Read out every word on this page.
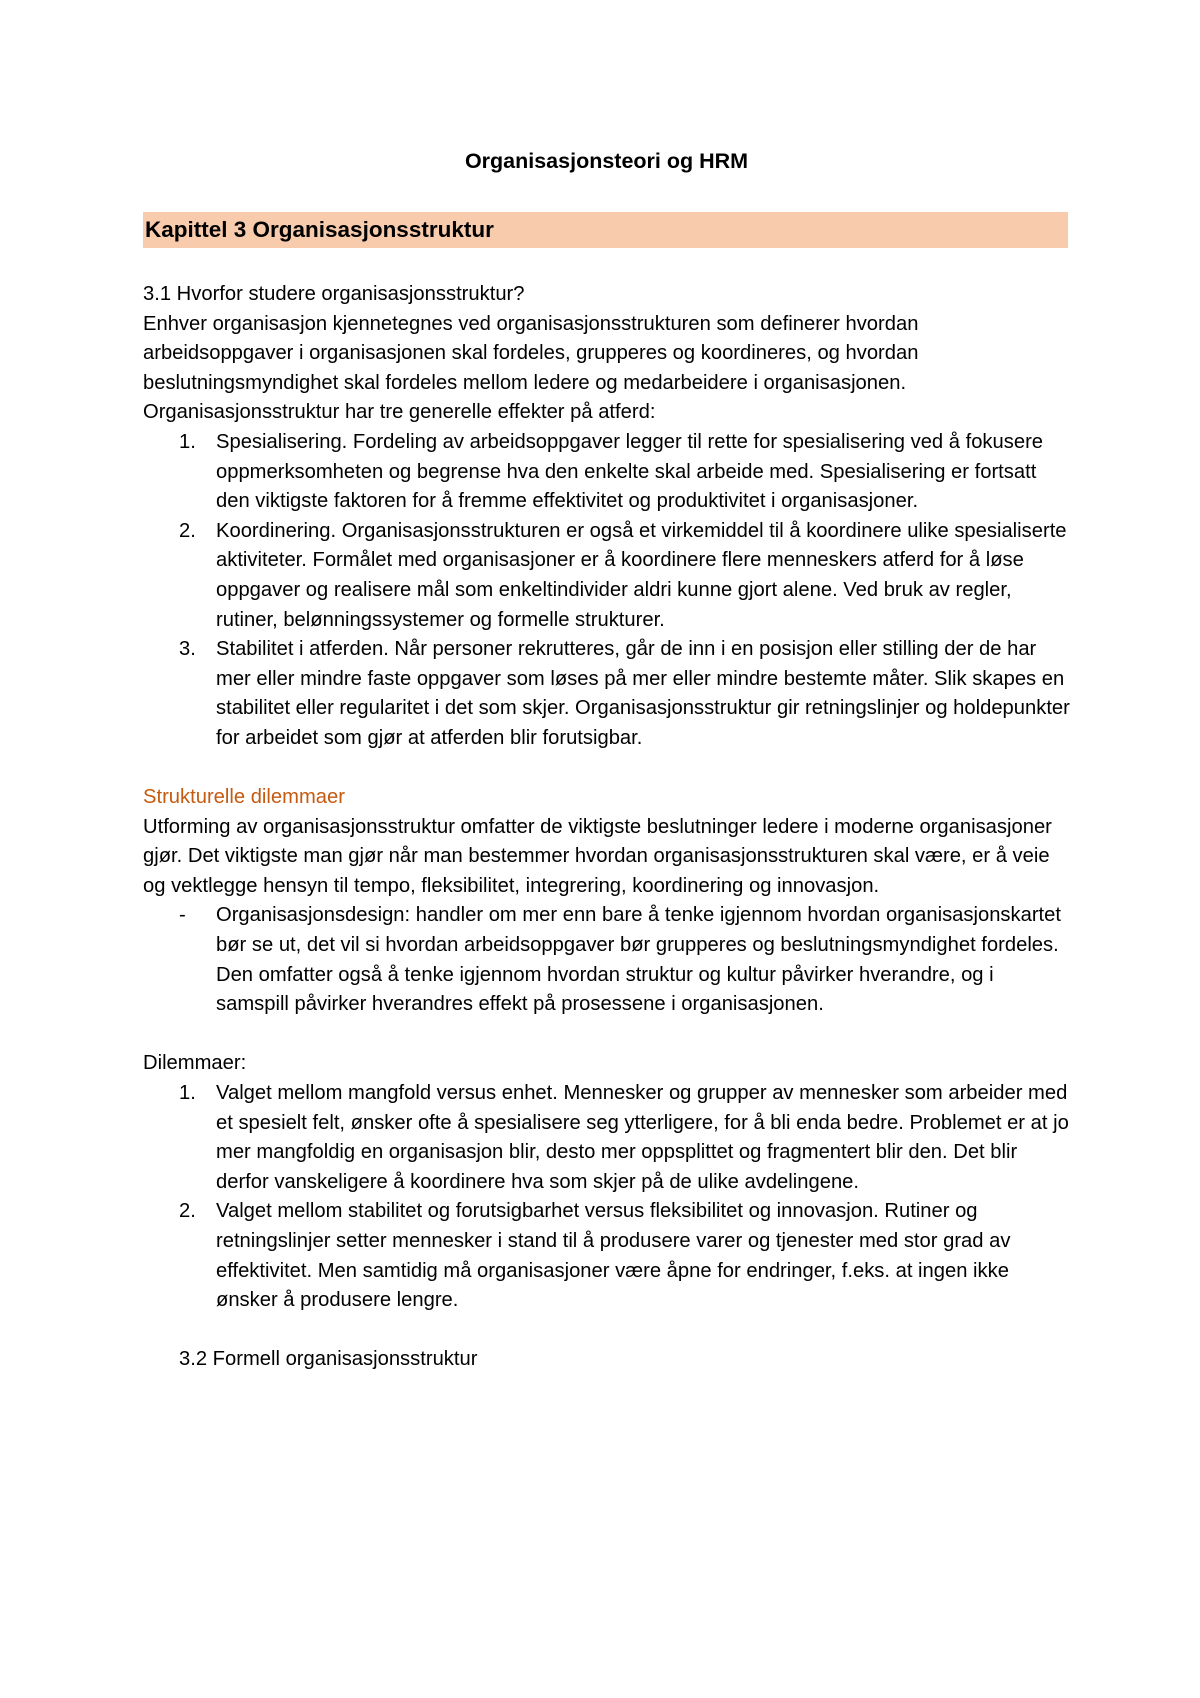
Organisasjonsteori og HRM
Kapittel 3 Organisasjonsstruktur

3.1 Hvorfor studere organisasjonsstruktur?

Enhver organisasjon kjennetegnes ved organisasjonsstrukturen som definerer hvordan arbeidsoppgaver i organisasjonen skal fordeles, grupperes og koordineres, og hvordan beslutningsmyndighet skal fordeles mellom ledere og medarbeidere i organisasjonen.

Organisasjonsstruktur har tre generelle effekter på atferd:

1. Spesialisering. Fordeling av arbeidsoppgaver legger til rette for spesialisering ved å fokusere oppmerksomheten og begrense hva den enkelte skal arbeide med. Spesialisering er fortsatt den viktigste faktoren for å fremme effektivitet og produktivitet i organisasjoner.
2. Koordinering. Organisasjonsstrukturen er også et virkemiddel til å koordinere ulike spesialiserte aktiviteter. Formålet med organisasjoner er å koordinere flere menneskers atferd for å løse oppgaver og realisere mål som enkeltindivider aldri kunne gjort alene. Ved bruk av regler, rutiner, belønningssystemer og formelle strukturer.
3. Stabilitet i atferden. Når personer rekrutteres, går de inn i en posisjon eller stilling der de har mer eller mindre faste oppgaver som løses på mer eller mindre bestemte måter. Slik skapes en stabilitet eller regularitet i det som skjer. Organisasjonsstruktur gir retningslinjer og holdepunkter for arbeidet som gjør at atferden blir forutsigbar.

Strukturelle dilemmaer

Utforming av organisasjonsstruktur omfatter de viktigste beslutninger ledere i moderne organisasjoner gjør. Det viktigste man gjør når man bestemmer hvordan organisasjonsstrukturen skal være, er å veie og vektlegge hensyn til tempo, fleksibilitet, integrering, koordinering og innovasjon.

- Organisasjonsdesign: handler om mer enn bare å tenke igjennom hvordan organisasjonskartet bør se ut, det vil si hvordan arbeidsoppgaver bør grupperes og beslutningsmyndighet fordeles. Den omfatter også å tenke igjennom hvordan struktur og kultur påvirker hverandre, og i samspill påvirker hverandres effekt på prosessene i organisasjonen.

Dilemmaer:

1. Valget mellom mangfold versus enhet. Mennesker og grupper av mennesker som arbeider med et spesielt felt, ønsker ofte å spesialisere seg ytterligere, for å bli enda bedre. Problemet er at jo mer mangfoldig en organisasjon blir, desto mer oppsplittet og fragmentert blir den. Det blir derfor vanskeligere å koordinere hva som skjer på de ulike avdelingene.
2. Valget mellom stabilitet og forutsigbarhet versus fleksibilitet og innovasjon. Rutiner og retningslinjer setter mennesker i stand til å produsere varer og tjenester med stor grad av effektivitet. Men samtidig må organisasjoner være åpne for endringer, f.eks. at ingen ikke ønsker å produsere lengre.

3.2 Formell organisasjonsstruktur
